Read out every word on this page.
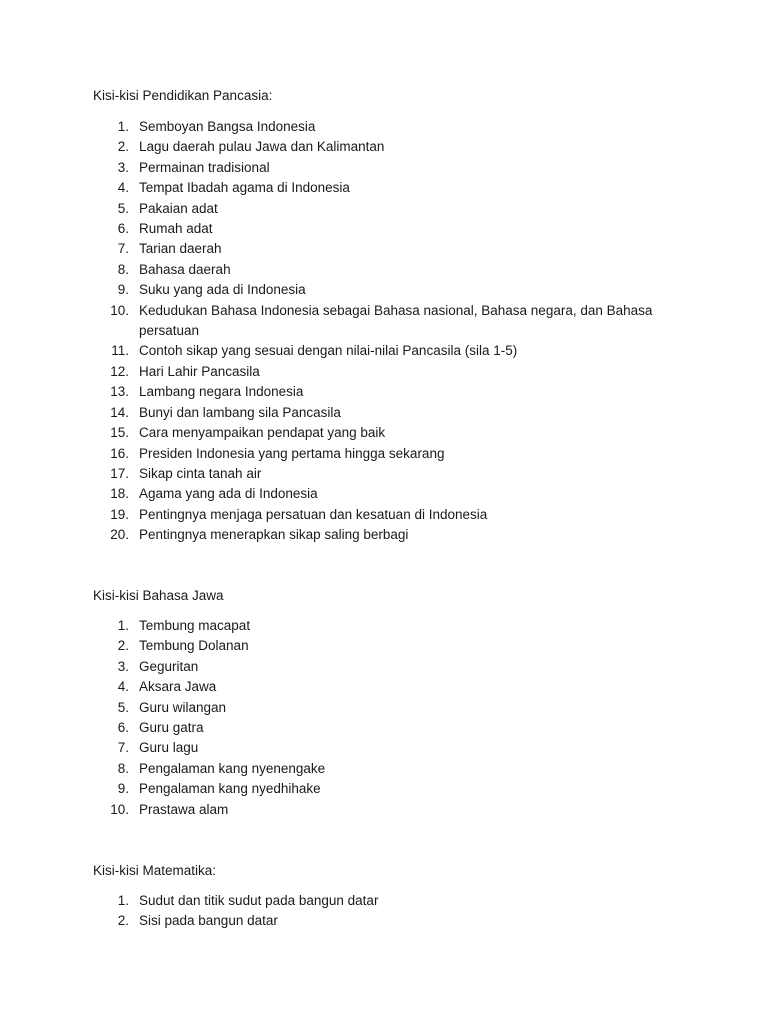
Kisi-kisi Pendidikan Pancasia:
1. Semboyan Bangsa Indonesia
2. Lagu daerah pulau Jawa dan Kalimantan
3. Permainan tradisional
4. Tempat Ibadah agama di Indonesia
5. Pakaian adat
6. Rumah adat
7. Tarian daerah
8. Bahasa daerah
9. Suku yang ada di Indonesia
10. Kedudukan Bahasa Indonesia sebagai Bahasa nasional, Bahasa negara, dan Bahasa persatuan
11. Contoh sikap yang sesuai dengan nilai-nilai Pancasila (sila 1-5)
12. Hari Lahir Pancasila
13. Lambang negara Indonesia
14. Bunyi dan lambang sila Pancasila
15. Cara menyampaikan pendapat yang baik
16. Presiden Indonesia yang pertama hingga sekarang
17. Sikap cinta tanah air
18. Agama yang ada di Indonesia
19. Pentingnya menjaga persatuan dan kesatuan di Indonesia
20. Pentingnya menerapkan sikap saling berbagi
Kisi-kisi Bahasa Jawa
1. Tembung macapat
2. Tembung Dolanan
3. Geguritan
4. Aksara Jawa
5. Guru wilangan
6. Guru gatra
7. Guru lagu
8. Pengalaman kang nyenengake
9. Pengalaman kang nyedhihake
10. Prastawa alam
Kisi-kisi Matematika:
1. Sudut dan titik sudut pada bangun datar
2. Sisi pada bangun datar
